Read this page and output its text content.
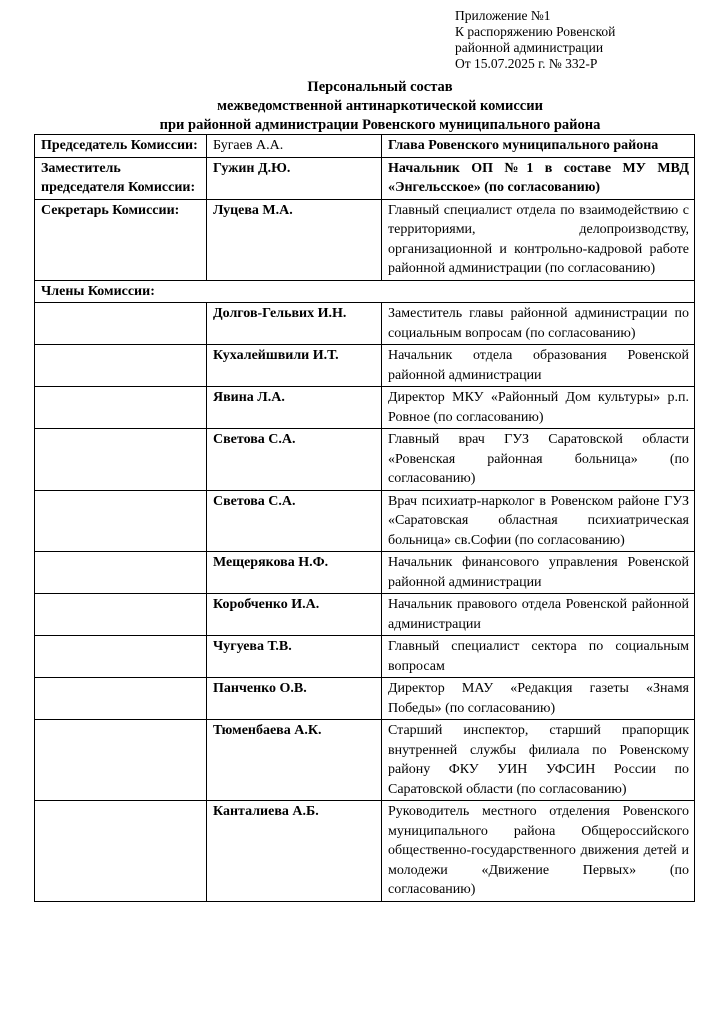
Приложение №1
К распоряжению Ровенской
районной администрации
От 15.07.2025 г. № 332-Р
Персональный состав
межведомственной антинаркотической комиссии
при районной администрации Ровенского муниципального района
Председатель Комиссии:	Бугаев А.А.	Глава Ровенского муниципального района
Заместитель председателя Комиссии:	Гужин Д.Ю.	Начальник ОП №1 в составе МУ МВД «Энгельсское» (по согласованию)
Секретарь Комиссии:	Луцева М.А.	Главный специалист отдела по взаимодействию с территориями, делопроизводству, организационной и контрольно-кадровой работе районной администрации (по согласованию)
Члены Комиссии:		
	Долгов-Гельвих И.Н.	Заместитель главы районной администрации по социальным вопросам (по согласованию)
	Кухалейшвили И.Т.	Начальник отдела образования Ровенской районной администрации
	Явина Л.А.	Директор МКУ «Районный Дом культуры» р.п. Ровное (по согласованию)
	Светова С.А.	Главный врач ГУЗ Саратовской области «Ровенская районная больница» (по согласованию)
	Светова С.А.	Врач психиатр-нарколог в Ровенском районе ГУЗ «Саратовская областная психиатрическая больница» св.Софии (по согласованию)
	Мещерякова Н.Ф.	Начальник финансового управления Ровенской районной администрации
	Коробченко И.А.	Начальник правового отдела Ровенской районной администрации
	Чугуева Т.В.	Главный специалист сектора по социальным вопросам
	Панченко О.В.	Директор МАУ «Редакция газеты «Знамя Победы» (по согласованию)
	Тюменбаева А.К.	Старший инспектор, старший прапорщик внутренней службы филиала по Ровенскому району ФКУ УИН УФСИН России по Саратовской области (по согласованию)
	Канталиева А.Б.	Руководитель местного отделения Ровенского муниципального района Общероссийского общественно-государственного движения детей и молодежи «Движение Первых» (по согласованию)
